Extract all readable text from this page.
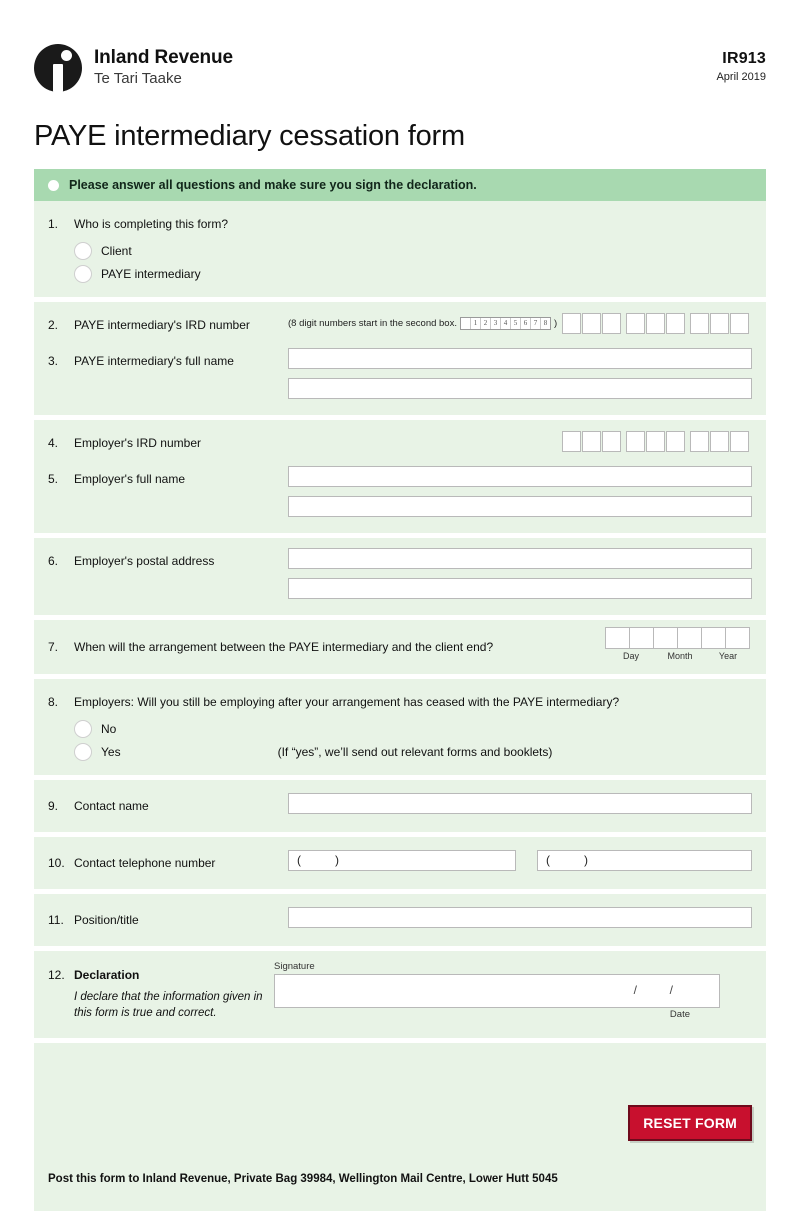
Inland Revenue
Te Tari Taake
IR913
April 2019
PAYE intermediary cessation form
Please answer all questions and make sure you sign the declaration.
1.	Who is completing this form?
Client
PAYE intermediary
2.	PAYE intermediary's IRD number	(8 digit numbers start in the second box.	1 2 3 4 5 6 7 8 )
3.	PAYE intermediary's full name
4.	Employer's IRD number
5.	Employer's full name
6.	Employer's postal address
7.	When will the arrangement between the PAYE intermediary and the client end?
Day	Month	Year
8.	Employers: Will you still be employing after your arrangement has ceased with the PAYE intermediary?
No
Yes	(If “yes”, we’ll send out relevant forms and booklets)
9.	Contact name
10. Contact telephone number	(	)	(	)
11. Position/title
12. Declaration
I declare that the information given in this form is true and correct.
Signature
/	/
Date
RESET FORM
Post this form to Inland Revenue, Private Bag 39984, Wellington Mail Centre, Lower Hutt 5045
